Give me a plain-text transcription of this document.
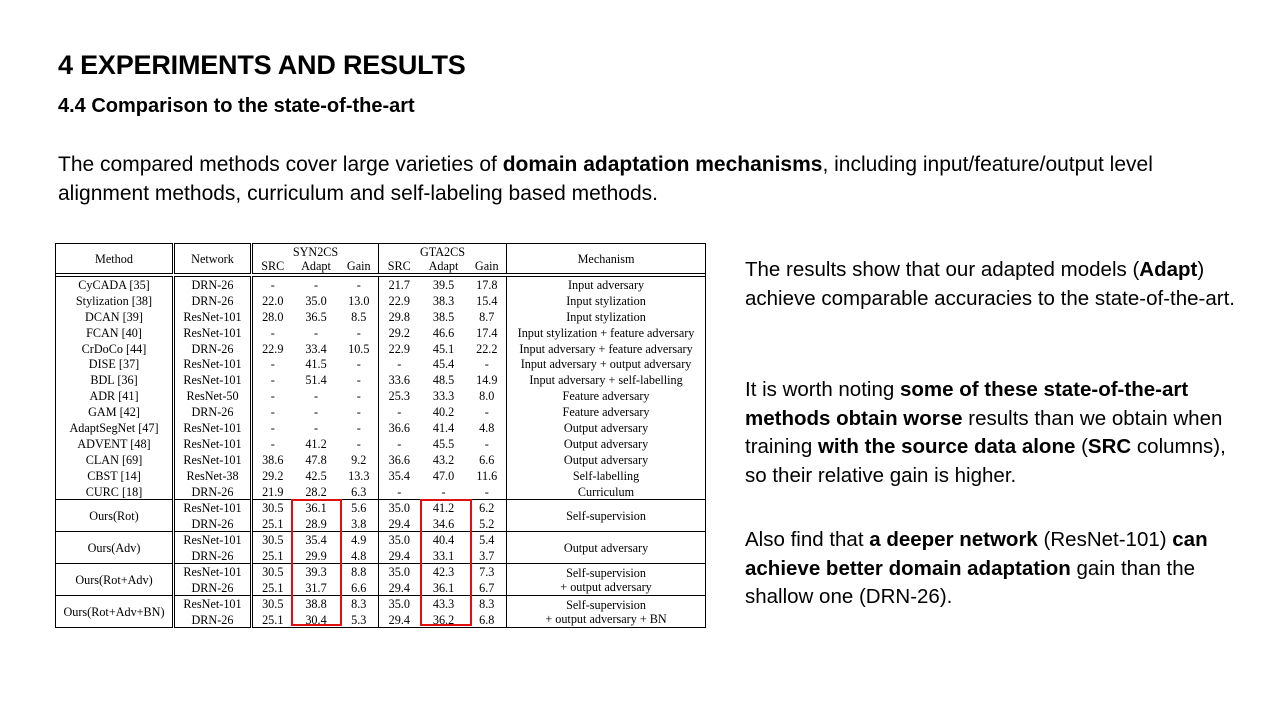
4 EXPERIMENTS AND RESULTS
4.4 Comparison to the state-of-the-art
The compared methods cover large varieties of domain adaptation mechanisms, including input/feature/output level alignment methods, curriculum and self-labeling based methods.
Method	Network	SYN2CS			GTA2CS			Mechanism
		SRC	Adapt	Gain	SRC	Adapt	Gain	

CyCADA [35]	DRN-26	-	-	-	21.7	39.5	17.8	Input adversary
Stylization [38]	DRN-26	22.0	35.0	13.0	22.9	38.3	15.4	Input stylization
DCAN [39]	ResNet-101	28.0	36.5	8.5	29.8	38.5	8.7	Input stylization
FCAN [40]	ResNet-101	-	-	-	29.2	46.6	17.4	Input stylization + feature adversary
CrDoCo [44]	DRN-26	22.9	33.4	10.5	22.9	45.1	22.2	Input adversary + feature adversary
DISE [37]	ResNet-101	-	41.5	-	-	45.4	-	Input adversary + output adversary
BDL [36]	ResNet-101	-	51.4	-	33.6	48.5	14.9	Input adversary + self-labelling
ADR [41]	ResNet-50	-	-	-	25.3	33.3	8.0	Feature adversary
GAM [42]	DRN-26	-	-	-	-	40.2	-	Feature adversary
AdaptSegNet [47]	ResNet-101	-	-	-	36.6	41.4	4.8	Output adversary
ADVENT [48]	ResNet-101	-	41.2	-	-	45.5	-	Output adversary
CLAN [69]	ResNet-101	38.6	47.8	9.2	36.6	43.2	6.6	Output adversary
CBST [14]	ResNet-38	29.2	42.5	13.3	35.4	47.0	11.6	Self-labelling
CURC [18]	DRN-26	21.9	28.2	6.3	-	-	-	Curriculum
Ours(Rot)	ResNet-101	30.5	36.1	5.6	35.0	41.2	6.2	Self-supervision

	DRN-26	25.1	28.9	3.8	29.4	34.6	5.2	
Ours(Adv)	ResNet-101	30.5	35.4	4.9	35.0	40.4	5.4	Output adversary

	DRN-26	25.1	29.9	4.8	29.4	33.1	3.7	
Ours(Rot+Adv)	ResNet-101	30.5	39.3	8.8	35.0	42.3	7.3	Self-supervision
+ output adversary

	DRN-26	25.1	31.7	6.6	29.4	36.1	6.7	
Ours(Rot+Adv+BN)	ResNet-101	30.5	38.8	8.3	35.0	43.3	8.3	Self-supervision
+ output adversary + BN

	DRN-26	25.1	30.4	5.3	29.4	36.2	6.8	
The results show that our adapted models (Adapt) achieve comparable accuracies to the state-of-the-art.
It is worth noting some of these state-of-the-art methods obtain worse results than we obtain when training with the source data alone (SRC columns), so their relative gain is higher.
Also find that a deeper network (ResNet-101) can achieve better domain adaptation gain than the shallow one (DRN-26).
